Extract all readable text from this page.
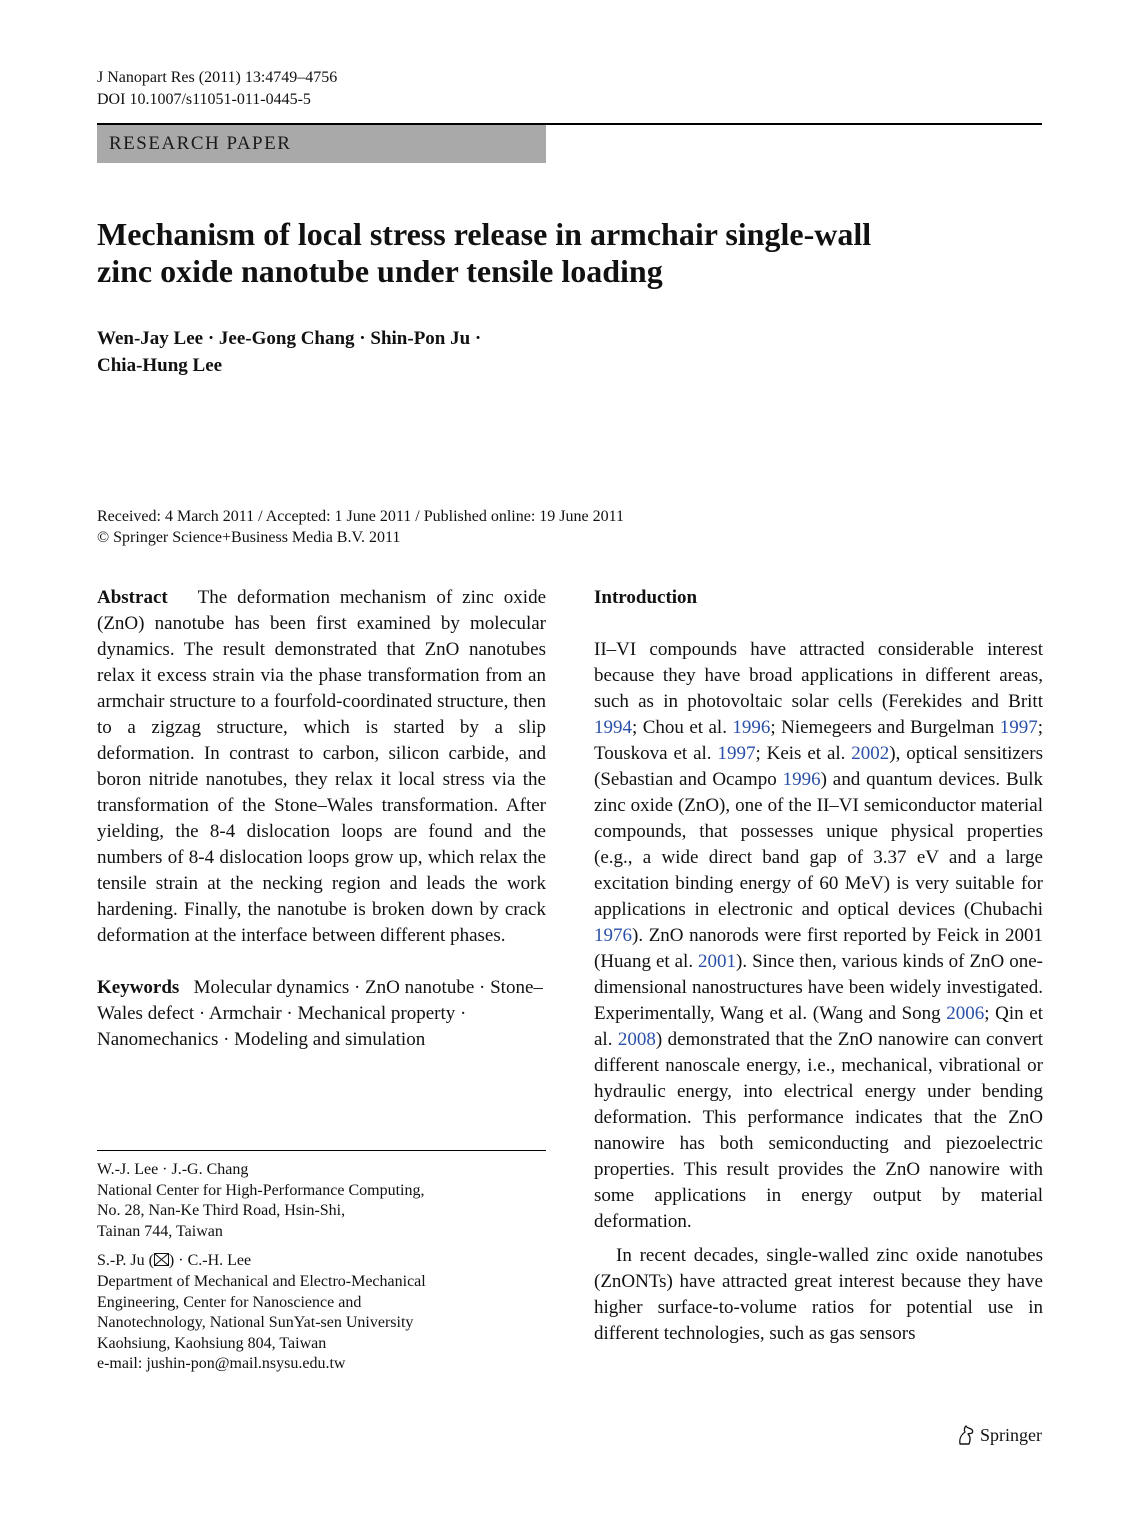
J Nanopart Res (2011) 13:4749–4756
DOI 10.1007/s11051-011-0445-5
RESEARCH PAPER
Mechanism of local stress release in armchair single-wall
zinc oxide nanotube under tensile loading
Wen-Jay Lee · Jee-Gong Chang · Shin-Pon Ju ·
Chia-Hung Lee
Received: 4 March 2011 / Accepted: 1 June 2011 / Published online: 19 June 2011
© Springer Science+Business Media B.V. 2011

Abstract The deformation mechanism of zinc oxide (ZnO) nanotube has been first examined by molecular dynamics. The result demonstrated that ZnO nanotubes relax it excess strain via the phase transformation from an armchair structure to a fourfold-coordinated structure, then to a zigzag structure, which is started by a slip deformation. In contrast to carbon, silicon carbide, and boron nitride nanotubes, they relax it local stress via the transformation of the Stone–Wales transformation. After yielding, the 8-4 dislocation loops are found and the numbers of 8-4 dislocation loops grow up, which relax the tensile strain at the necking region and leads the work hardening. Finally, the nanotube is broken down by crack deformation at the interface between different phases.

Keywords Molecular dynamics · ZnO nanotube · Stone–Wales defect · Armchair · Mechanical property · Nanomechanics · Modeling and simulation

W.-J. Lee · J.-G. Chang
National Center for High-Performance Computing,
No. 28, Nan-Ke Third Road, Hsin-Shi,
Tainan 744, Taiwan

S.-P. Ju ( ) · C.-H. Lee
Department of Mechanical and Electro-Mechanical
Engineering, Center for Nanoscience and
Nanotechnology, National SunYat-sen University
Kaohsiung, Kaohsiung 804, Taiwan
e-mail: jushin-pon@mail.nsysu.edu.tw

Introduction

II–VI compounds have attracted considerable interest because they have broad applications in different areas, such as in photovoltaic solar cells (Ferekides and Britt 1994; Chou et al. 1996; Niemegeers and Burgelman 1997; Touskova et al. 1997; Keis et al. 2002), optical sensitizers (Sebastian and Ocampo 1996) and quantum devices. Bulk zinc oxide (ZnO), one of the II–VI semiconductor material compounds, that possesses unique physical properties (e.g., a wide direct band gap of 3.37 eV and a large excitation binding energy of 60 MeV) is very suitable for applications in electronic and optical devices (Chubachi 1976). ZnO nanorods were first reported by Feick in 2001 (Huang et al. 2001). Since then, various kinds of ZnO one-dimensional nanostructures have been widely investigated. Experimentally, Wang et al. (Wang and Song 2006; Qin et al. 2008) demonstrated that the ZnO nanowire can convert different nanoscale energy, i.e., mechanical, vibrational or hydraulic energy, into electrical energy under bending deformation. This performance indicates that the ZnO nanowire has both semiconducting and piezoelectric properties. This result provides the ZnO nanowire with some applications in energy output by material deformation.

In recent decades, single-walled zinc oxide nanotubes (ZnONTs) have attracted great interest because they have higher surface-to-volume ratios for potential use in different technologies, such as gas sensors

Springer
